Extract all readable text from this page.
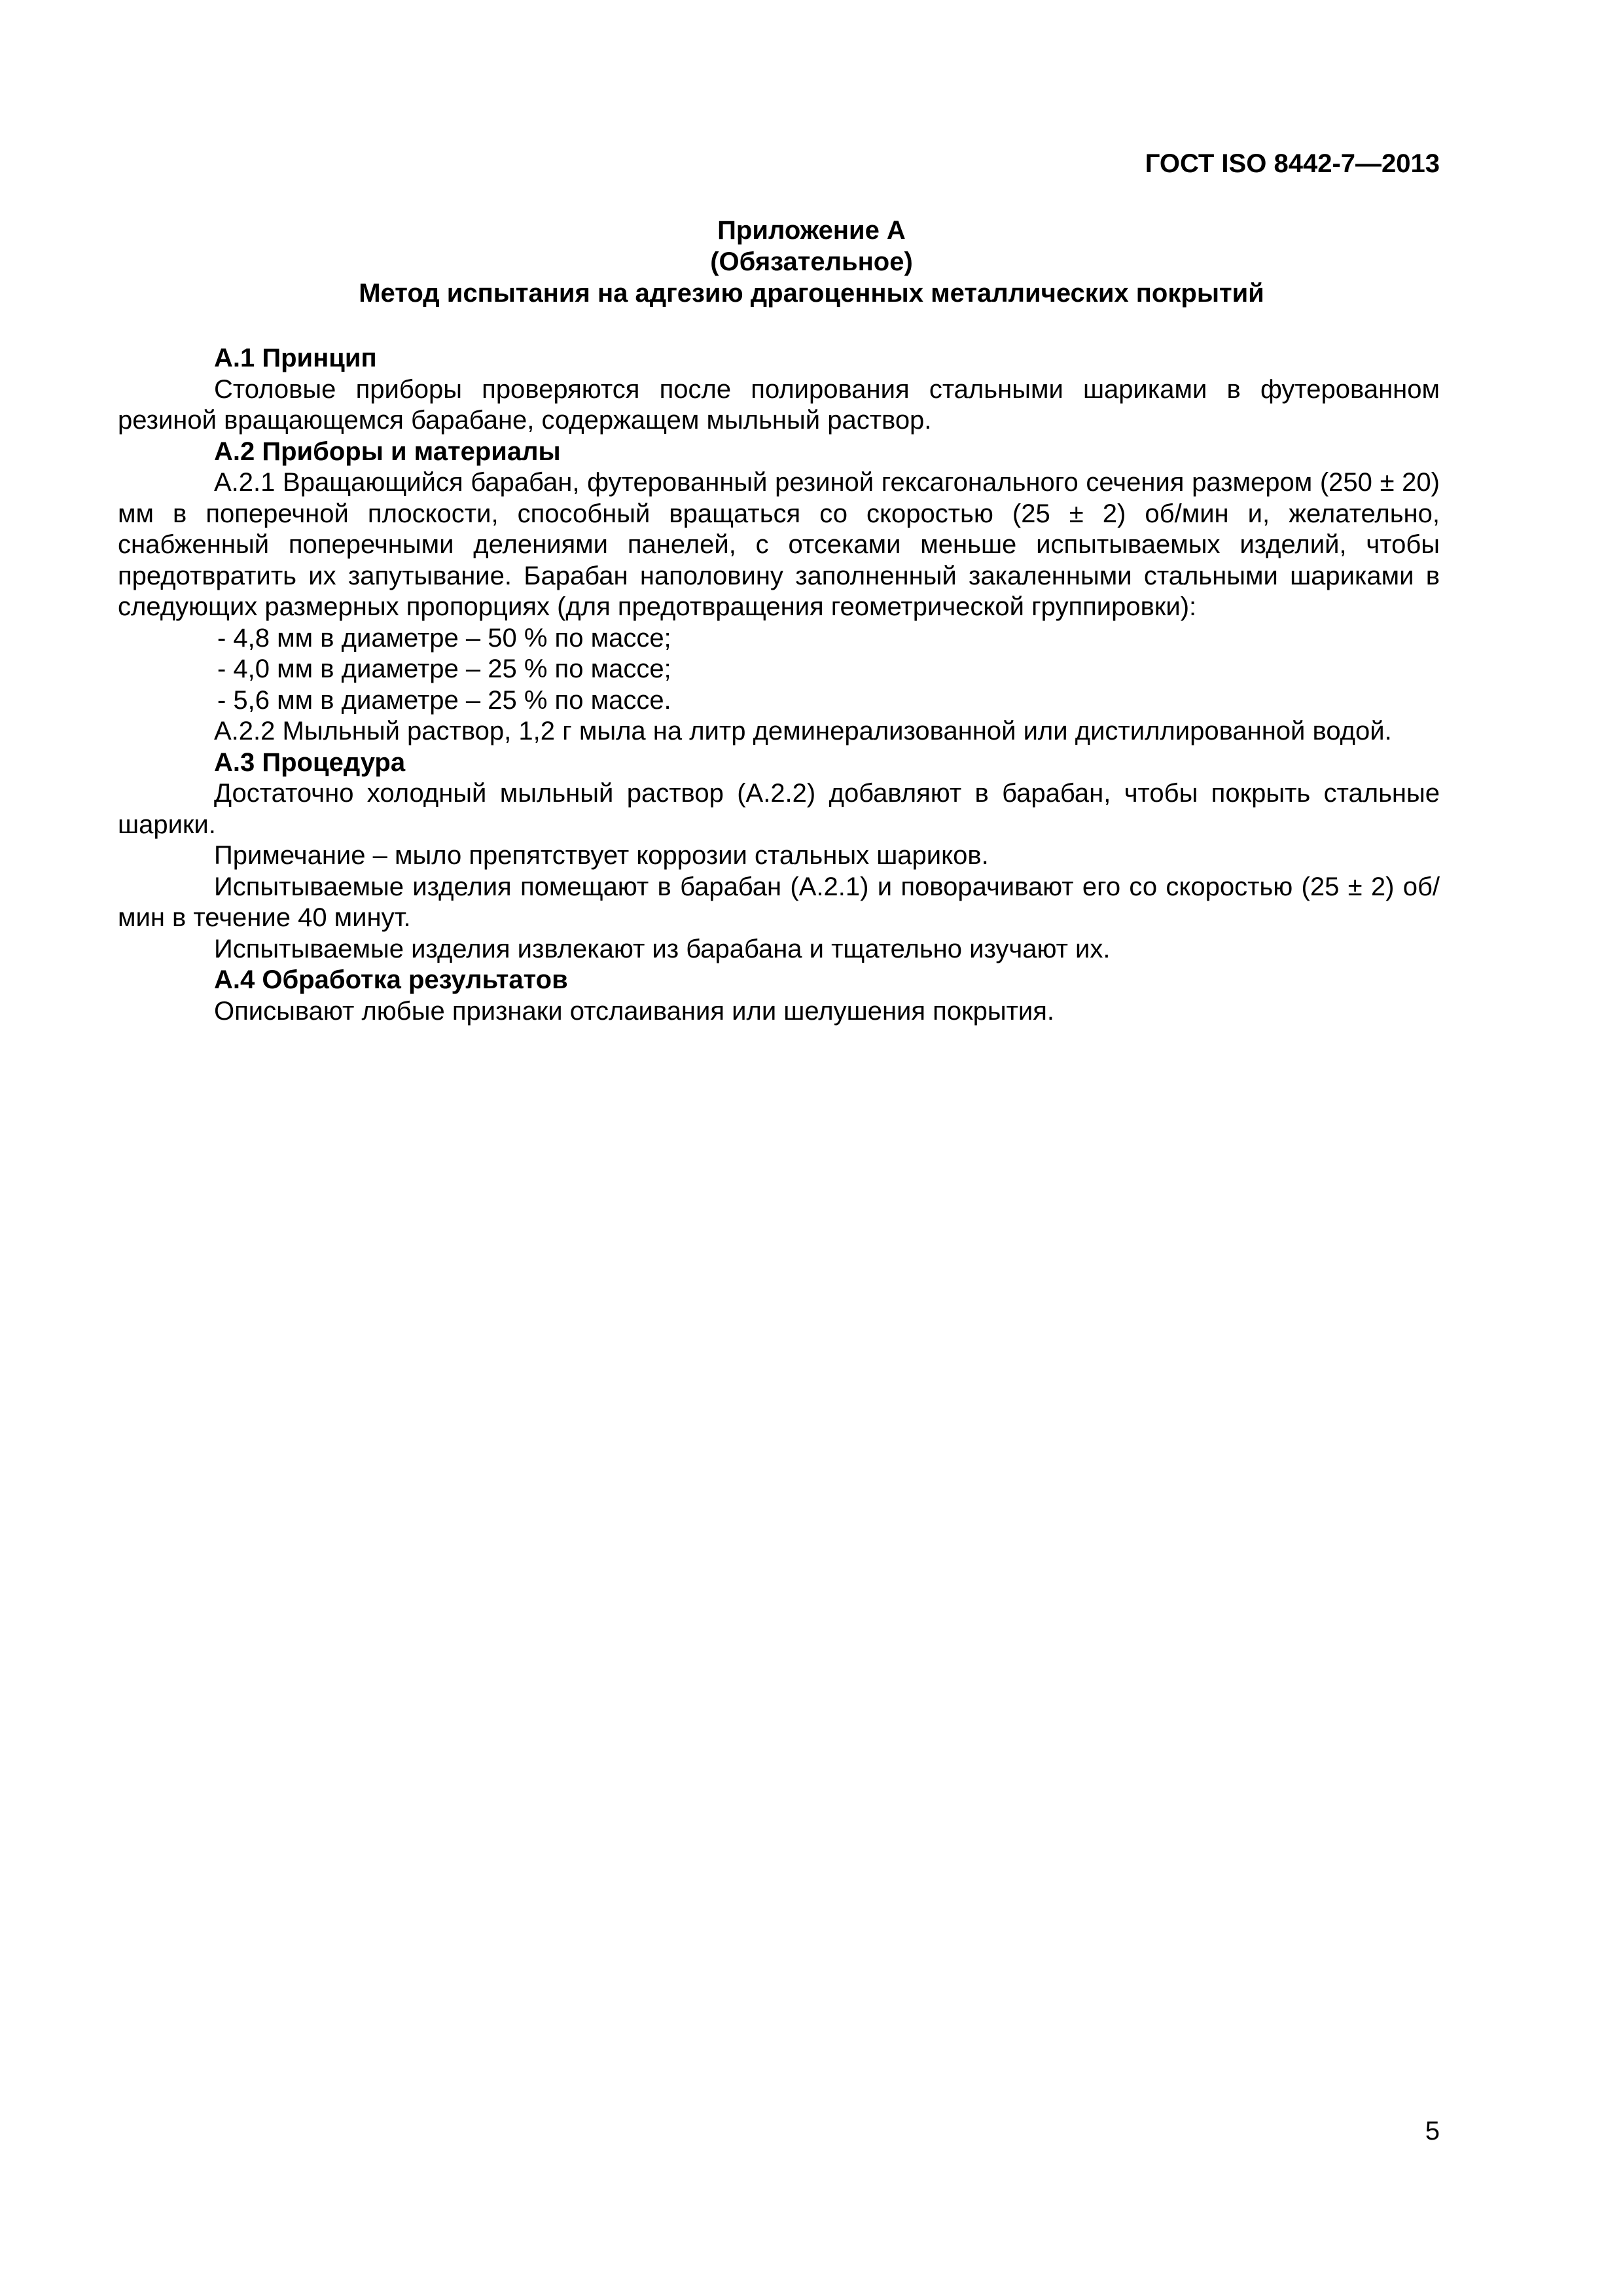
ГОСТ ISO 8442-7—2013

Приложение А
(Обязательное)
Метод испытания на адгезию драгоценных металлических покрытий
А.1 Принцип

Столовые приборы проверяются после полирования стальными шариками в футерованном резиной вращающемся барабане, содержащем мыльный раствор.

А.2 Приборы и материалы

А.2.1 Вращающийся барабан, футерованный резиной гексагонального сечения размером (250 ± 20) мм в поперечной плоскости, способный вращаться со скоростью (25 ± 2) об/мин и, желательно, снабженный поперечными делениями панелей, с отсеками меньше испытываемых изделий, чтобы предотвратить их запутывание. Барабан наполовину заполненный закаленными стальными шариками в следующих размерных пропорциях (для предотвращения геометрической группировки):

- 4,8 мм в диаметре – 50 % по массе;
- 4,0 мм в диаметре – 25 % по массе;
- 5,6 мм в диаметре – 25 % по массе.

А.2.2 Мыльный раствор, 1,2 г мыла на литр деминерализованной или дистиллированной водой.

А.3 Процедура

Достаточно холодный мыльный раствор (А.2.2) добавляют в барабан, чтобы покрыть стальные шарики.

Примечание – мыло препятствует коррозии стальных шариков.

Испытываемые изделия помещают в барабан (А.2.1) и поворачивают его со скоростью (25 ± 2) об/мин в течение 40 минут.

Испытываемые изделия извлекают из барабана и тщательно изучают их.

А.4 Обработка результатов

Описывают любые признаки отслаивания или шелушения покрытия.

5
